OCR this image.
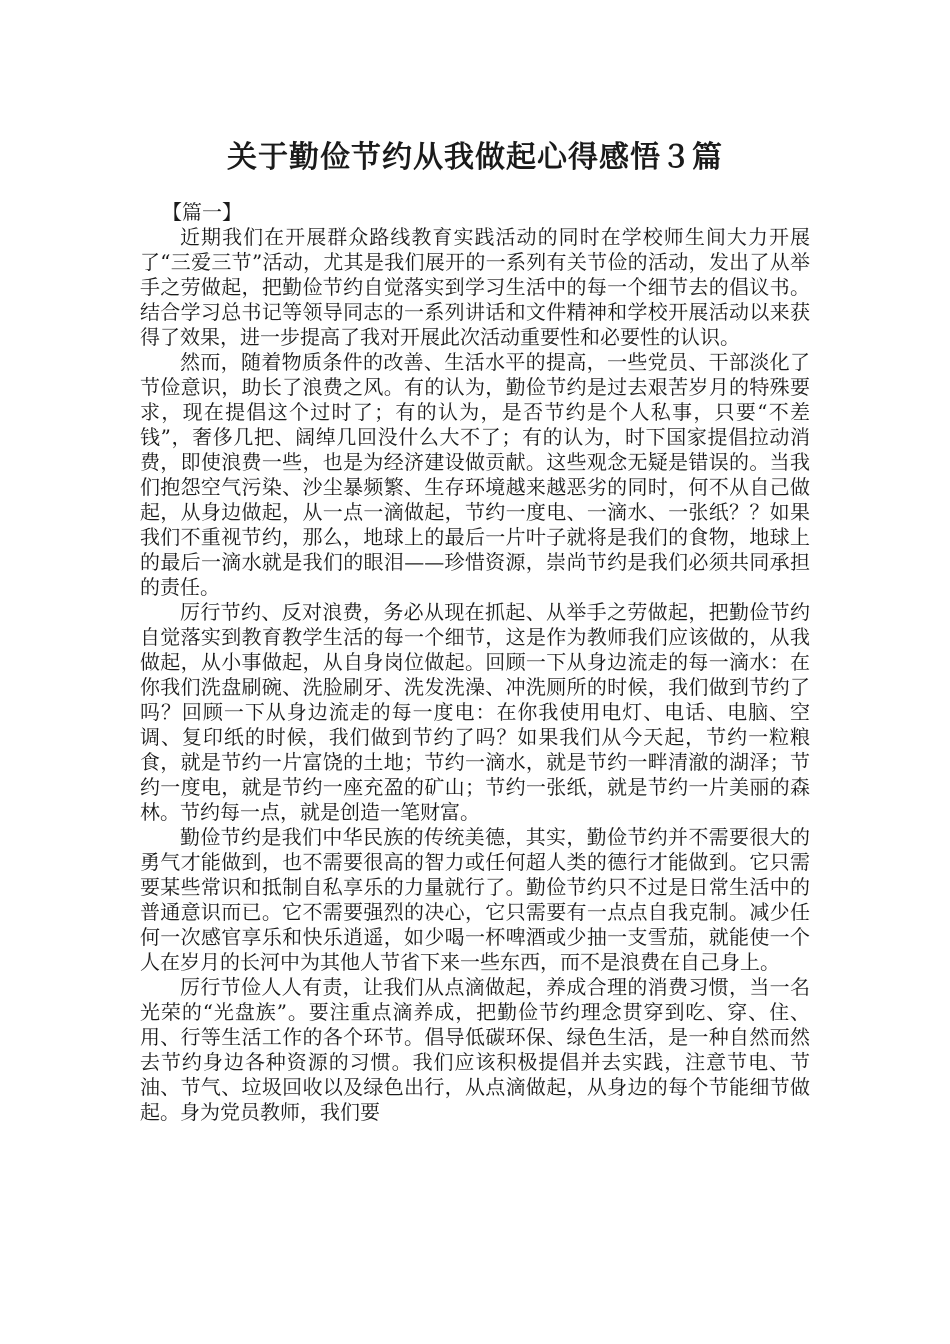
关于勤俭节约从我做起心得感悟３篇

【篇一】

近期我们在开展群众路线教育实践活动的同时在学校师生间大力开展了“三爱三节”活动，尤其是我们展开的一系列有关节俭的活动，发出了从举手之劳做起，把勤俭节约自觉落实到学习生活中的每一个细节去的倡议书。结合学习总书记等领导同志的一系列讲话和文件精神和学校开展活动以来获得了效果，进一步提高了我对开展此次活动重要性和必要性的认识。

然而，随着物质条件的改善、生活水平的提高，一些党员、干部淡化了节俭意识，助长了浪费之风。有的认为，勤俭节约是过去艰苦岁月的特殊要求，现在提倡这个过时了；有的认为，是否节约是个人私事，只要“不差钱”，奢侈几把、阔绰几回没什么大不了；有的认为，时下国家提倡拉动消费，即使浪费一些，也是为经济建设做贡献。这些观念无疑是错误的。当我们抱怨空气污染、沙尘暴频繁、生存环境越来越恶劣的同时，何不从自己做起，从身边做起，从一点一滴做起，节约一度电、一滴水、一张纸？？如果我们不重视节约，那么，地球上的最后一片叶子就将是我们的食物，地球上的最后一滴水就是我们的眼泪——珍惜资源，崇尚节约是我们必须共同承担的责任。

厉行节约、反对浪费，务必从现在抓起、从举手之劳做起，把勤俭节约自觉落实到教育教学生活的每一个细节，这是作为教师我们应该做的，从我做起，从小事做起，从自身岗位做起。回顾一下从身边流走的每一滴水：在你我们洗盘刷碗、洗脸刷牙、洗发洗澡、冲洗厕所的时候，我们做到节约了吗？回顾一下从身边流走的每一度电：在你我使用电灯、电话、电脑、空调、复印纸的时候，我们做到节约了吗？如果我们从今天起，节约一粒粮食，就是节约一片富饶的土地；节约一滴水，就是节约一畔清澈的湖泽；节约一度电，就是节约一座充盈的矿山；节约一张纸，就是节约一片美丽的森林。节约每一点，就是创造一笔财富。

勤俭节约是我们中华民族的传统美德，其实，勤俭节约并不需要很大的勇气才能做到，也不需要很高的智力或任何超人类的德行才能做到。它只需要某些常识和抵制自私享乐的力量就行了。勤俭节约只不过是日常生活中的普通意识而已。它不需要强烈的决心，它只需要有一点点自我克制。减少任何一次感官享乐和快乐逍遥，如少喝一杯啤酒或少抽一支雪茄，就能使一个人在岁月的长河中为其他人节省下来一些东西，而不是浪费在自己身上。

厉行节俭人人有责，让我们从点滴做起，养成合理的消费习惯，当一名光荣的“光盘族”。要注重点滴养成，把勤俭节约理念贯穿到吃、穿、住、用、行等生活工作的各个环节。倡导低碳环保、绿色生活，是一种自然而然去节约身边各种资源的习惯。我们应该积极提倡并去实践，注意节电、节油、节气、垃圾回收以及绿色出行，从点滴做起，从身边的每个节能细节做起。身为党员教师，我们要
